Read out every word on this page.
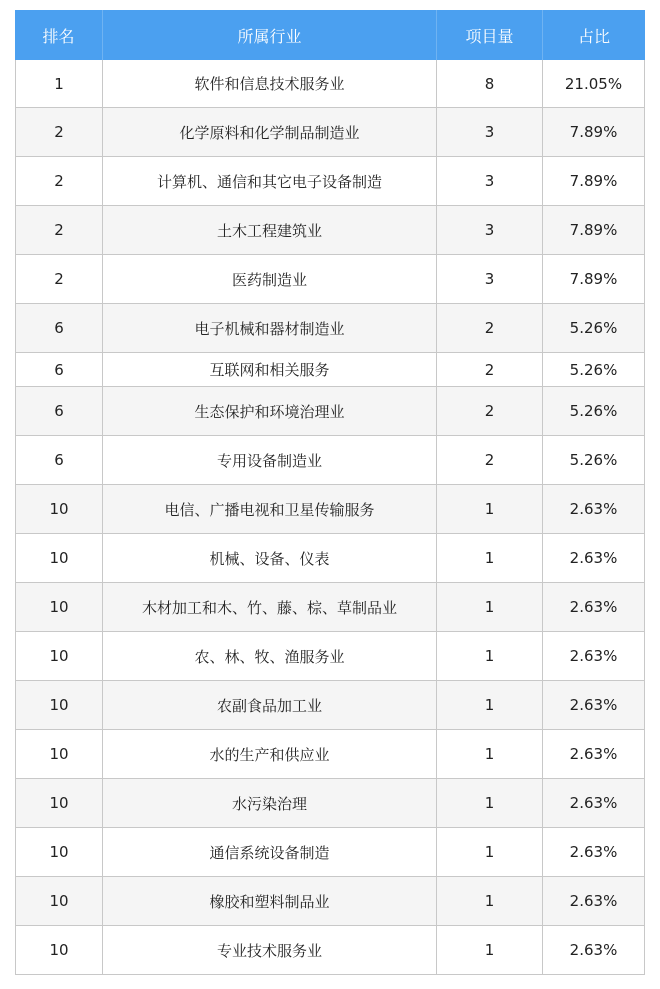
排名	所属行业	项目量	占比
1	软件和信息技术服务业	8	21.05%
2	化学原料和化学制品制造业	3	7.89%
2	计算机、通信和其它电子设备制造	3	7.89%
2	土木工程建筑业	3	7.89%
2	医药制造业	3	7.89%
6	电子机械和器材制造业	2	5.26%
6	互联网和相关服务	2	5.26%
6	生态保护和环境治理业	2	5.26%
6	专用设备制造业	2	5.26%
10	电信、广播电视和卫星传输服务	1	2.63%
10	机械、设备、仪表	1	2.63%
10	木材加工和木、竹、藤、棕、草制品业	1	2.63%
10	农、林、牧、渔服务业	1	2.63%
10	农副食品加工业	1	2.63%
10	水的生产和供应业	1	2.63%
10	水污染治理	1	2.63%
10	通信系统设备制造	1	2.63%
10	橡胶和塑料制品业	1	2.63%
10	专业技术服务业	1	2.63%
